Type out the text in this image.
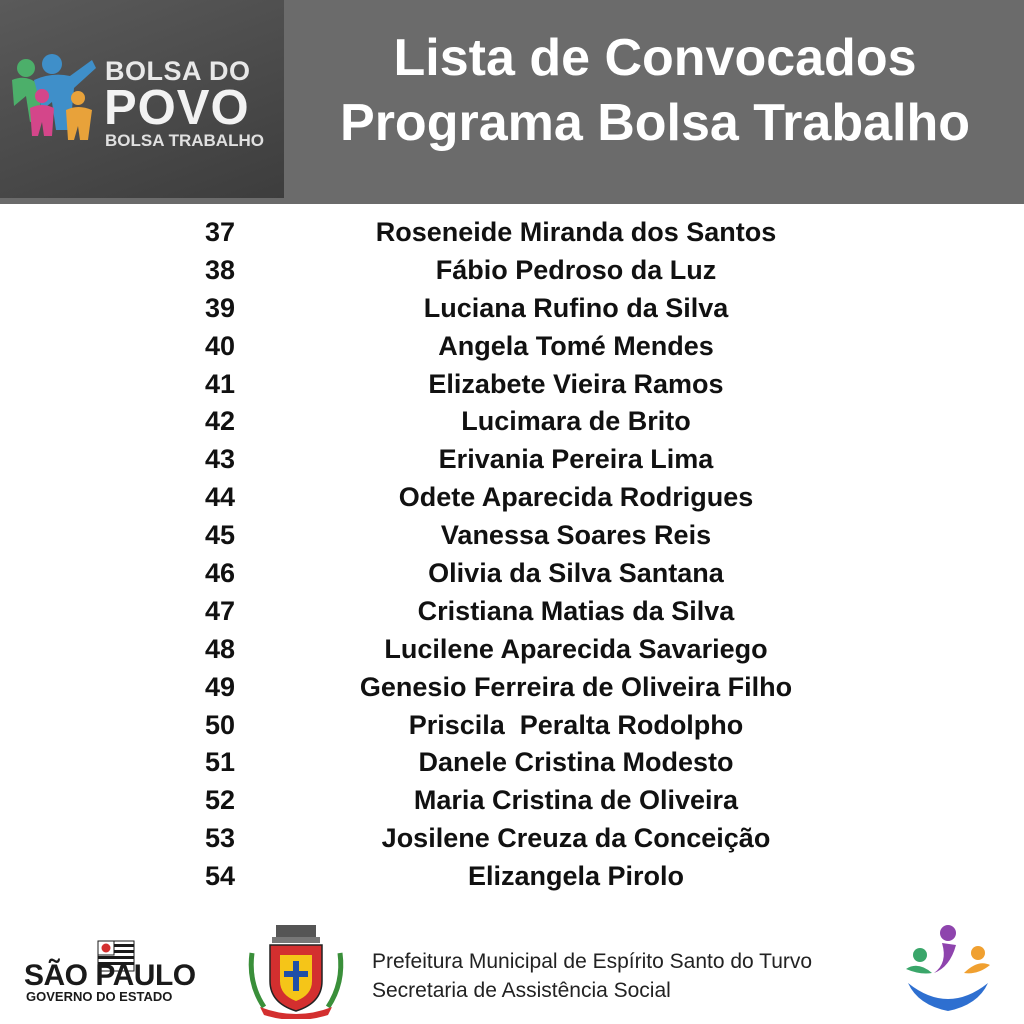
BOLSA DO
POVO
BOLSA TRABALHO
Lista de Convocados
Programa Bolsa Trabalho
37	Roseneide Miranda dos Santos
38	Fábio Pedroso da Luz
39	Luciana Rufino da Silva
40	Angela Tomé Mendes
41	Elizabete Vieira Ramos
42	Lucimara de Brito
43	Erivania Pereira Lima
44	Odete Aparecida Rodrigues
45	Vanessa Soares Reis
46	Olivia da Silva Santana
47	Cristiana Matias da Silva
48	Lucilene Aparecida Savariego
49	Genesio Ferreira de Oliveira Filho
50	Priscila  Peralta Rodolpho
51	Danele Cristina Modesto
52	Maria Cristina de Oliveira
53	Josilene Creuza da Conceição
54	Elizangela Pirolo
SÃO PAULO
GOVERNO DO ESTADO
Prefeitura Municipal de Espírito Santo do Turvo
Secretaria de Assistência Social
